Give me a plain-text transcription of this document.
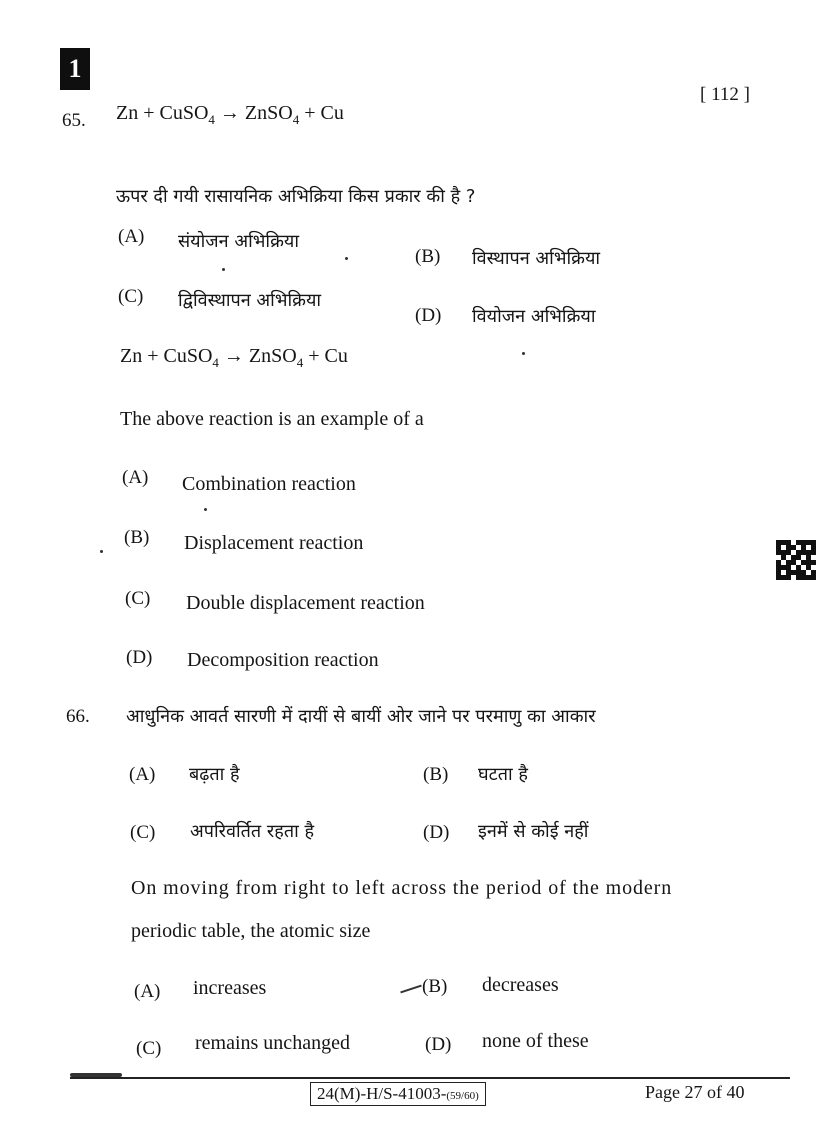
1
[ 112 ]
65. Zn + CuSO$_4$ → ZnSO$_4$ + Cu
ऊपर दी गयी रासायनिक अभिक्रिया किस प्रकार की है ?
(A) संयोजन अभिक्रिया
(B) विस्थापन अभिक्रिया
(C) द्विविस्थापन अभिक्रिया
(D) वियोजन अभिक्रिया
Zn + CuSO$_4$ → ZnSO$_4$ + Cu
The above reaction is an example of a
(A) Combination reaction
(B) Displacement reaction
(C) Double displacement reaction
(D) Decomposition reaction
66. आधुनिक आवर्त सारणी में दायीं से बायीं ओर जाने पर परमाणु का आकार
(A) बढ़ता है	(B) घटता है
(C) अपरिवर्तित रहता है	(D) इनमें से कोई नहीं
On moving from right to left across the period of the modern
periodic table, the atomic size
(A) increases	(B) decreases
(C) remains unchanged	(D) none of these
24(M)-H/S-41003-(59/60)	Page 27 of 40
